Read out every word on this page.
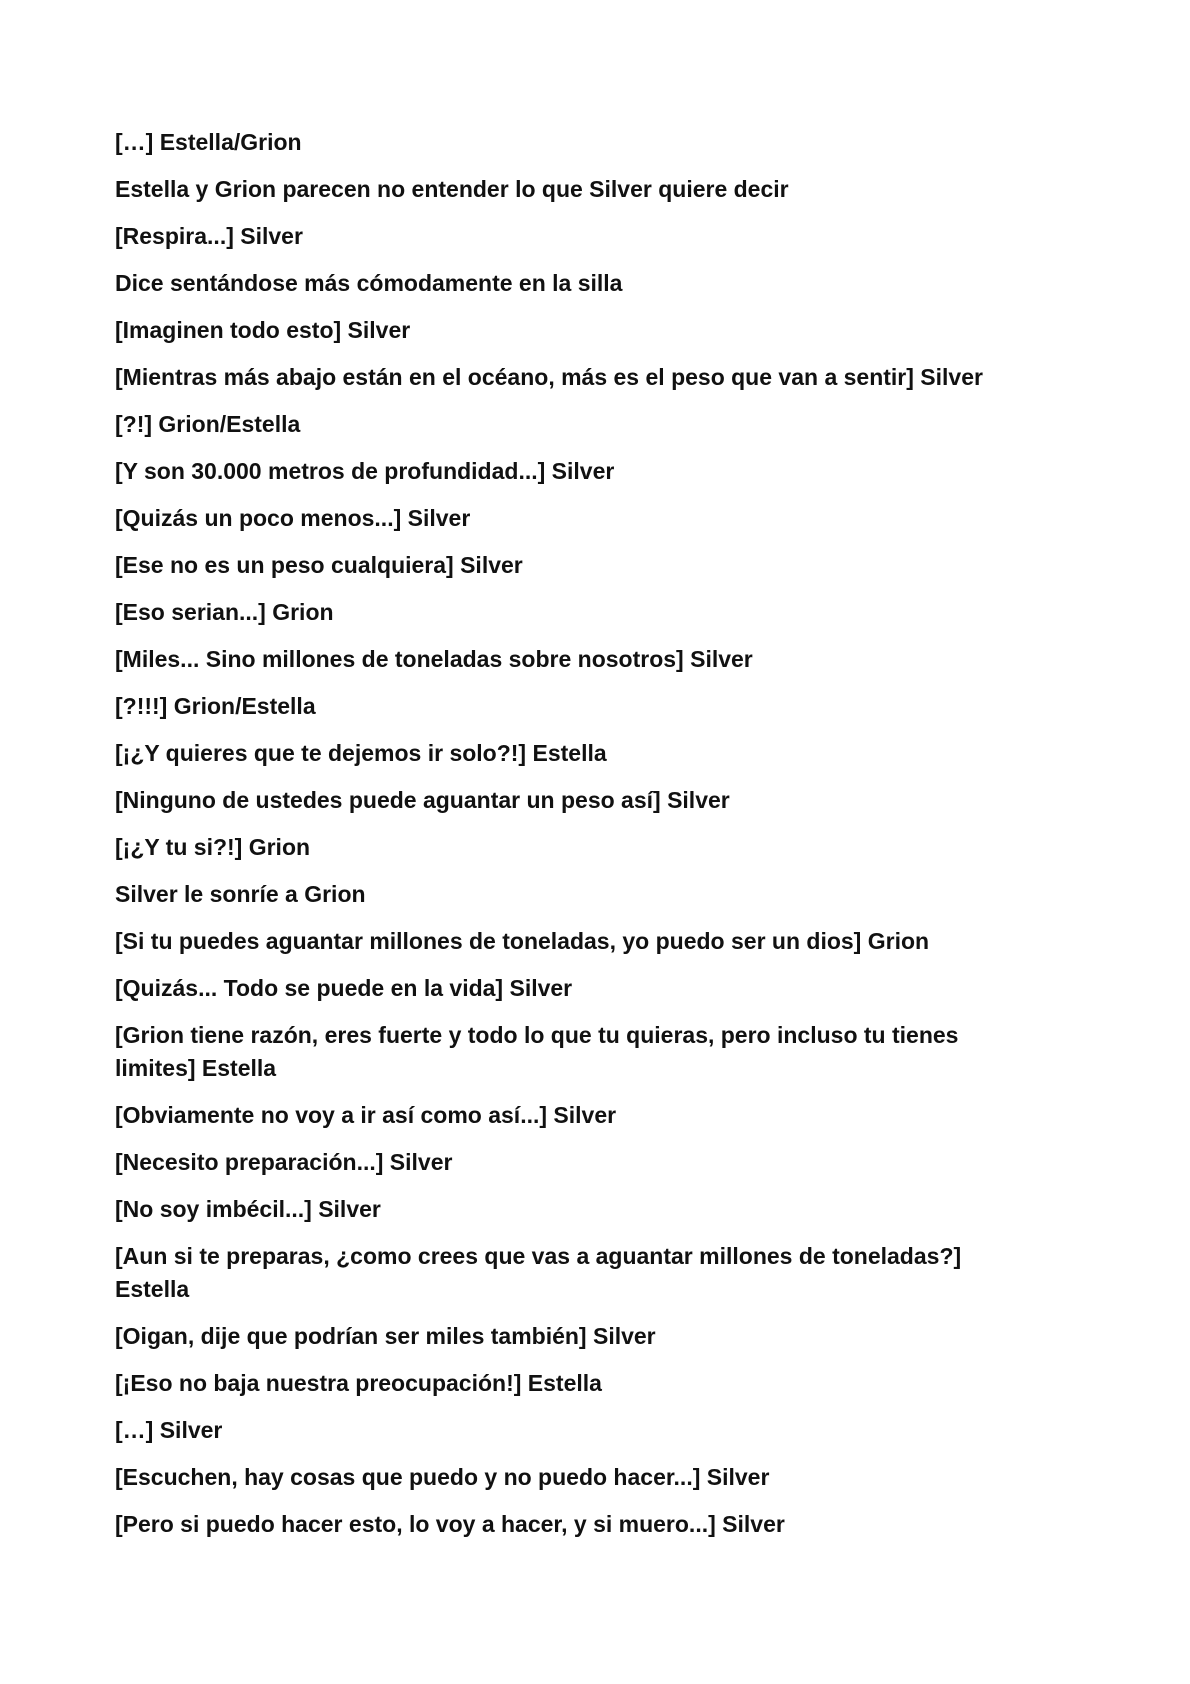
[…] Estella/Grion

Estella y Grion parecen no entender lo que Silver quiere decir

[Respira...] Silver

Dice sentándose más cómodamente en la silla

[Imaginen todo esto] Silver

[Mientras más abajo están en el océano, más es el peso que van a sentir] Silver

[?!] Grion/Estella

[Y son 30.000 metros de profundidad...] Silver

[Quizás un poco menos...] Silver

[Ese no es un peso cualquiera] Silver

[Eso serian...] Grion

[Miles... Sino millones de toneladas sobre nosotros] Silver

[?!!!] Grion/Estella

[¡¿Y quieres que te dejemos ir solo?!] Estella

[Ninguno de ustedes puede aguantar un peso así] Silver

[¡¿Y tu si?!] Grion

Silver le sonríe a Grion

[Si tu puedes aguantar millones de toneladas, yo puedo ser un dios] Grion

[Quizás... Todo se puede en la vida] Silver

[Grion tiene razón, eres fuerte y todo lo que tu quieras, pero incluso tu tienes limites] Estella

[Obviamente no voy a ir así como así...] Silver

[Necesito preparación...] Silver

[No soy imbécil...] Silver

[Aun si te preparas, ¿como crees que vas a aguantar millones de toneladas?] Estella

[Oigan, dije que podrían ser miles también] Silver

[¡Eso no baja nuestra preocupación!] Estella

[…] Silver

[Escuchen, hay cosas que puedo y no puedo hacer...] Silver

[Pero si puedo hacer esto, lo voy a hacer, y si muero...] Silver
